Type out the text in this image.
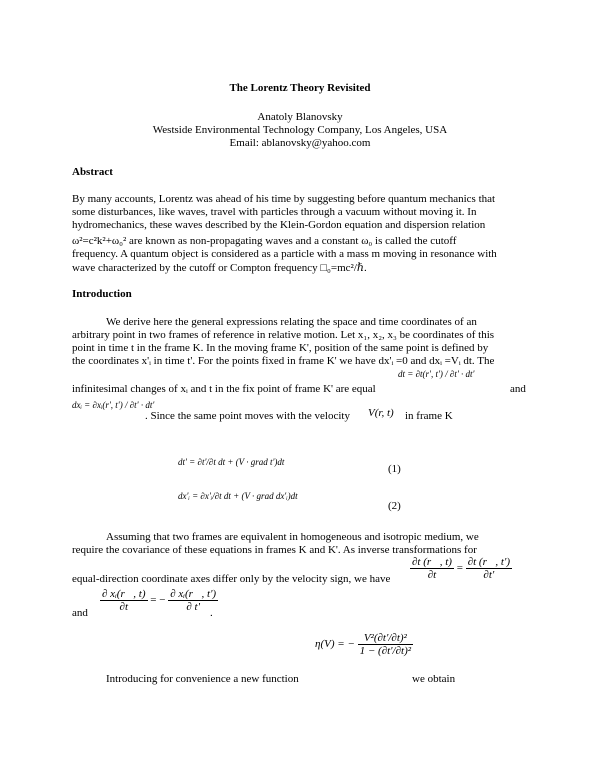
The Lorentz Theory Revisited
Anatoly Blanovsky
Westside Environmental Technology Company, Los Angeles, USA
Email: ablanovsky@yahoo.com
Abstract
By many accounts, Lorentz was ahead of his time by suggesting before quantum mechanics that
some disturbances, like waves, travel with particles through a vacuum without moving it. In
hydromechanics, these waves described by the Klein-Gordon equation and dispersion relation
ω²=c²k²+ω₀² are known as non-propagating waves and a constant ω₀ is called the cutoff
frequency. A quantum object is considered as a particle with a mass m moving in resonance with
wave characterized by the cutoff or Compton frequency □₀=mc²/ℏ.
Introduction
We derive here the general expressions relating the space and time coordinates of an
arbitrary point in two frames of reference in relative motion. Let x₁, x₂, x₃ be coordinates of this
point in time t in the frame K. In the moving frame K', position of the same point is defined by
the coordinates x'ᵢ in time t'. For the points fixed in frame K' we have dx'ᵢ =0 and dxᵢ =Vᵢ dt. The
infinitesimal changes of xᵢ and t in the fix point of frame K' are equal
dt = ∂t(r', t') / ∂t' · dt'
and
dxᵢ = ∂xᵢ(r', t') / ∂t' · dt'
. Since the same point moves with the velocity	V(r, t) in frame K
dt' = ∂t'/∂t dt + (V · grad t')dt
(1)
dx'ᵢ = ∂x'ᵢ/∂t dt + (V · grad dx'ᵢ)dt
(2)
Assuming that two frames are equivalent in homogeneous and isotropic medium, we
require the covariance of these equations in frames K and K'. As inverse transformations for
$\frac{\partial t (r⃗, t)}{\partial t} = \frac{\partial t (r⃗, t')}{\partial t'}$
equal-direction coordinate axes differ only by the velocity sign, we have
$\frac{\text{∂ xᵢ(r⃗, t)}}{\partial t}$ = − $\frac{\text{∂ xᵢ(r⃗, t')}}{\partial t'}$
and	.
η(V) = − $\frac{\text{V²(∂t'/∂t)²}}{\text{1 − (∂t'/∂t)²}}$
Introducing for convenience a new function	we obtain
